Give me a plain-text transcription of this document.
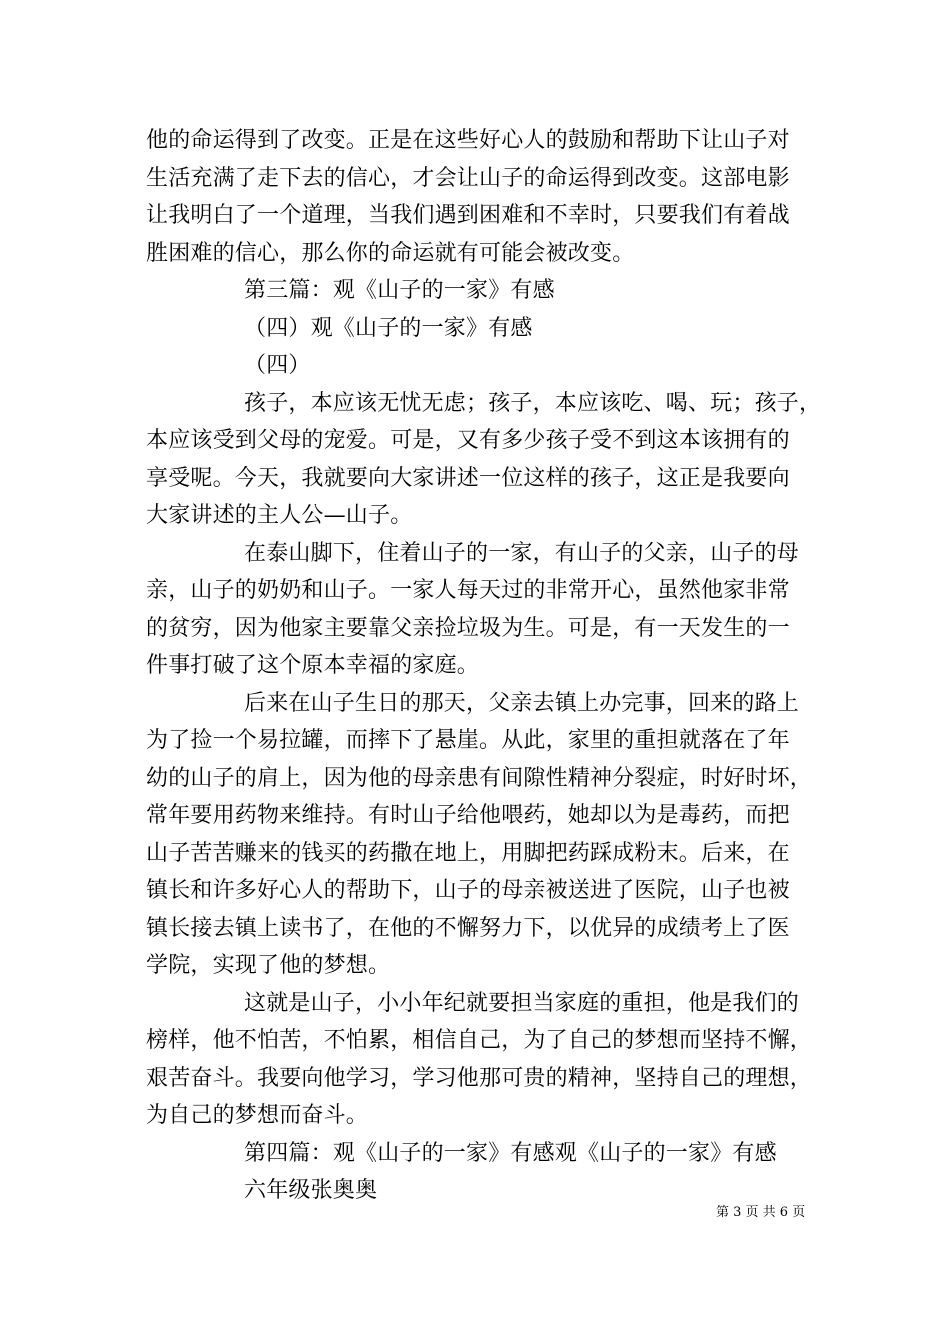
他的命运得到了改变。正是在这些好心人的鼓励和帮助下让山子对
生活充满了走下去的信心，才会让山子的命运得到改变。这部电影
让我明白了一个道理，当我们遇到困难和不幸时，只要我们有着战
胜困难的信心，那么你的命运就有可能会被改变。
第三篇：观《山子的一家》有感
（四）观《山子的一家》有感
（四）
孩子，本应该无忧无虑；孩子，本应该吃、喝、玩；孩子，
本应该受到父母的宠爱。可是，又有多少孩子受不到这本该拥有的
享受呢。今天，我就要向大家讲述一位这样的孩子，这正是我要向
大家讲述的主人公—山子。
在泰山脚下，住着山子的一家，有山子的父亲，山子的母
亲，山子的奶奶和山子。一家人每天过的非常开心，虽然他家非常
的贫穷，因为他家主要靠父亲捡垃圾为生。可是，有一天发生的一
件事打破了这个原本幸福的家庭。
后来在山子生日的那天，父亲去镇上办完事，回来的路上
为了捡一个易拉罐，而摔下了悬崖。从此，家里的重担就落在了年
幼的山子的肩上，因为他的母亲患有间隙性精神分裂症，时好时坏，
常年要用药物来维持。有时山子给他喂药，她却以为是毒药，而把
山子苦苦赚来的钱买的药撒在地上，用脚把药踩成粉末。后来，在
镇长和许多好心人的帮助下，山子的母亲被送进了医院，山子也被
镇长接去镇上读书了，在他的不懈努力下，以优异的成绩考上了医
学院，实现了他的梦想。
这就是山子，小小年纪就要担当家庭的重担，他是我们的
榜样，他不怕苦，不怕累，相信自己，为了自己的梦想而坚持不懈，
艰苦奋斗。我要向他学习，学习他那可贵的精神，坚持自己的理想，
为自己的梦想而奋斗。
第四篇：观《山子的一家》有感观《山子的一家》有感
六年级张奥奥
第 3 页 共 6 页
